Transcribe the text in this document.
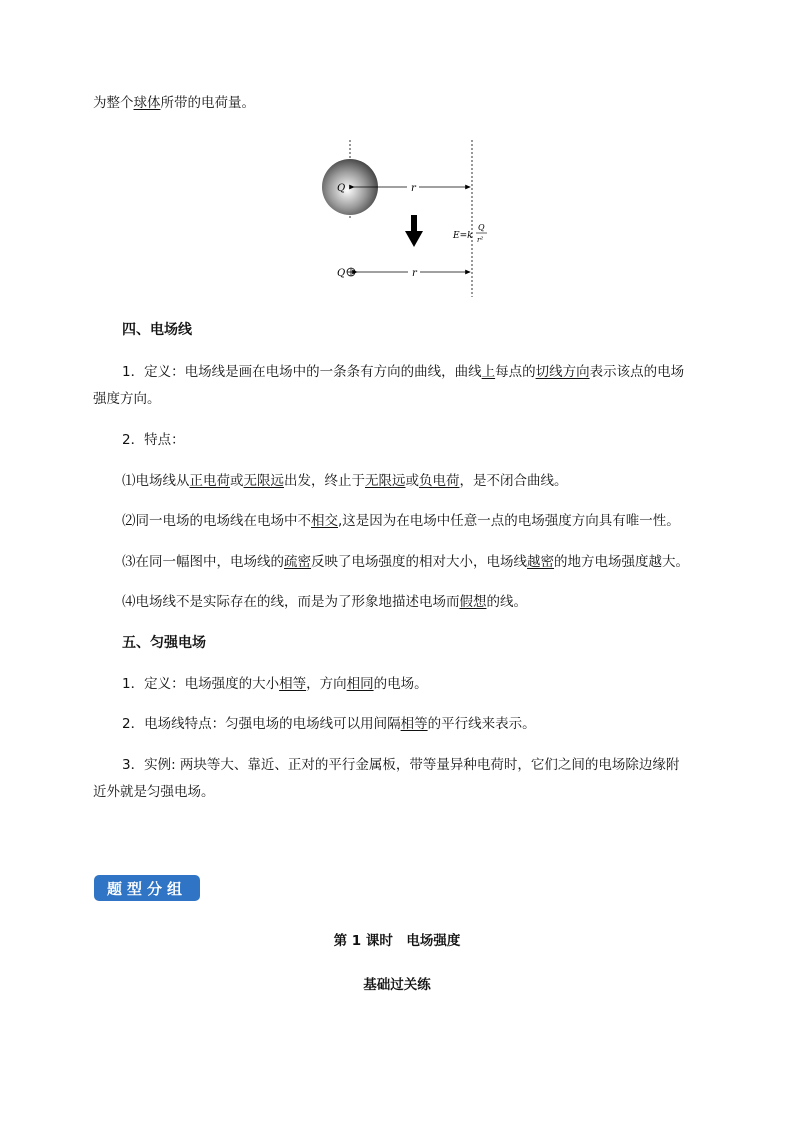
为整个球体所带的电荷量。
Q	r
E=k
Q
r²
Q	r
四、电场线
1．定义：电场线是画在电场中的一条条有方向的曲线，曲线上每点的切线方向表示该点的电场
强度方向。
2．特点：
⑴电场线从正电荷或无限远出发，终止于无限远或负电荷，是不闭合曲线。
⑵同一电场的电场线在电场中不相交,这是因为在电场中任意一点的电场强度方向具有唯一性。
⑶在同一幅图中，电场线的疏密反映了电场强度的相对大小，电场线越密的地方电场强度越大。
⑷电场线不是实际存在的线，而是为了形象地描述电场而假想的线。
五、匀强电场
1．定义：电场强度的大小相等，方向相同的电场。
2．电场线特点：匀强电场的电场线可以用间隔相等的平行线来表示。
3．实例: 两块等大、靠近、正对的平行金属板，带等量异种电荷时，它们之间的电场除边缘附
近外就是匀强电场。
题型分组
第 1 课时　电场强度
基础过关练
